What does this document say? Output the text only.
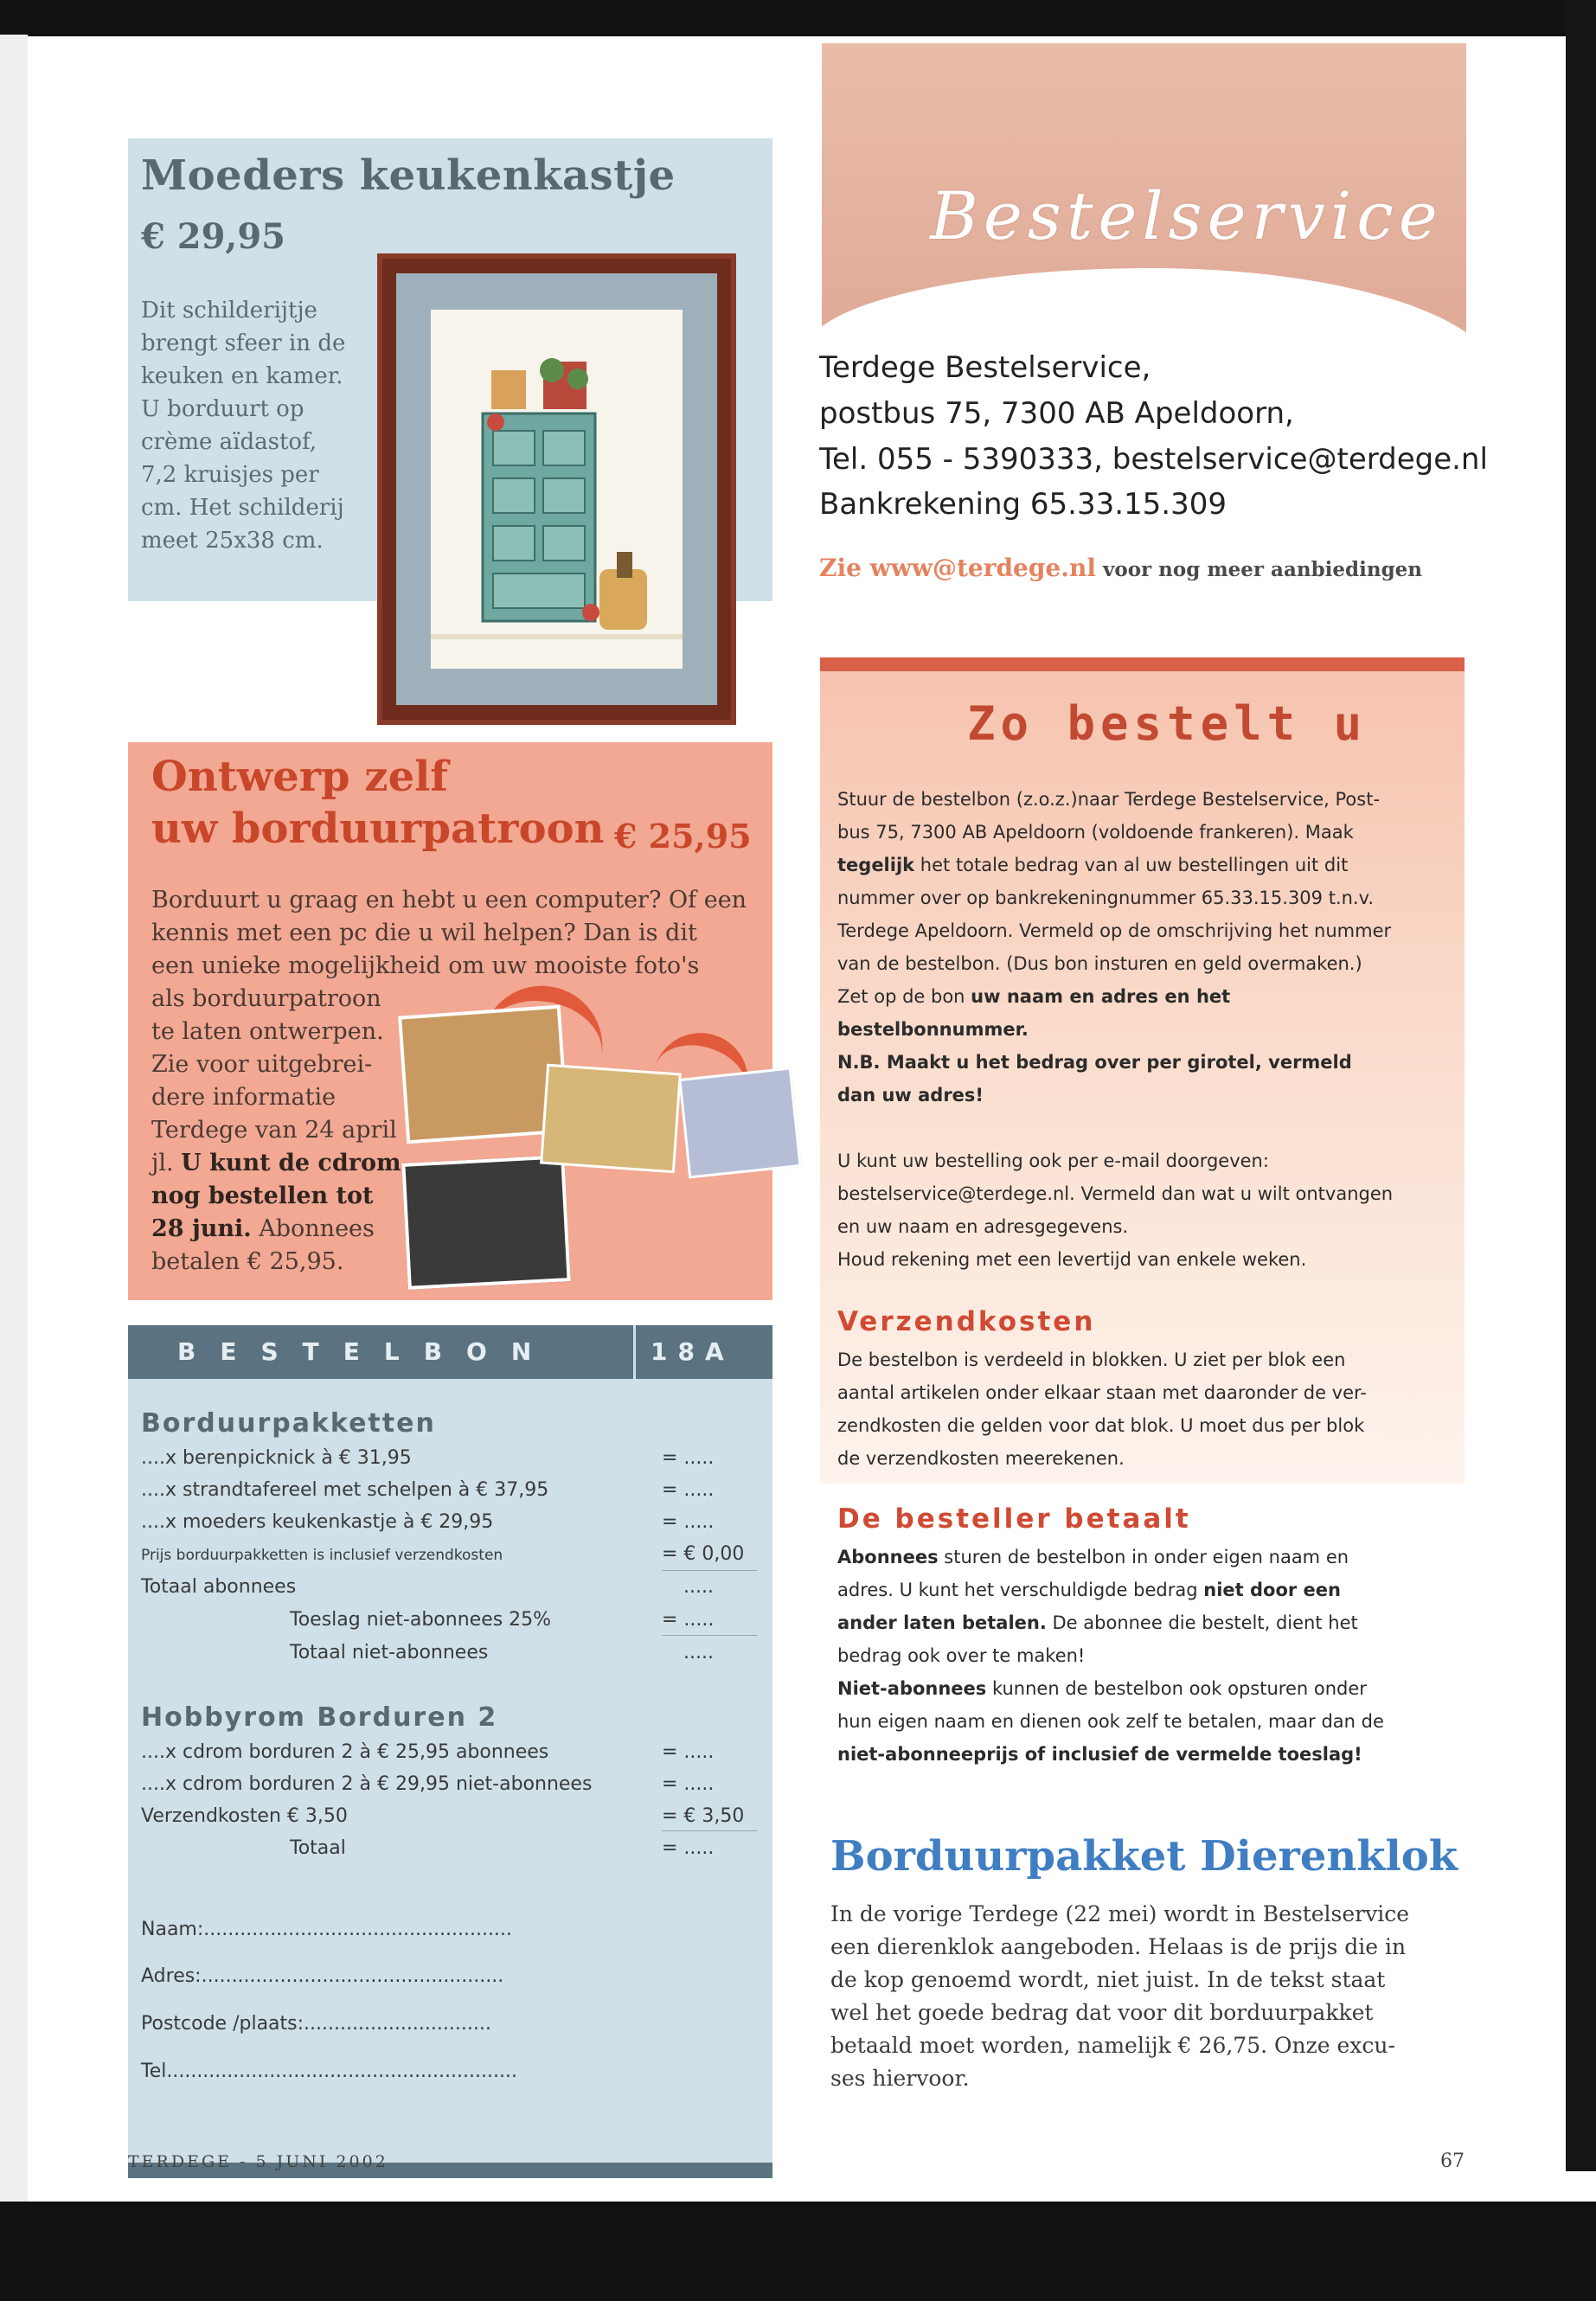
Moeders keukenkastje
€ 29,95
Dit schilderijtje
brengt sfeer in de
keuken en kamer.
U borduurt op
crème aïdastof,
7,2 kruisjes per
cm. Het schilderij
meet 25x38 cm.
Ontwerp zelf
uw borduurpatroon € 25,95
Borduurt u graag en hebt u een computer? Of een
kennis met een pc die u wil helpen? Dan is dit
een unieke mogelijkheid om uw mooiste foto's
als borduurpatroon
te laten ontwerpen.
Zie voor uitgebrei-
dere informatie
Terdege van 24 april
jl. U kunt de cdrom
nog bestellen tot
28 juni. Abonnees
betalen € 25,95.
BESTELBON	18A
Borduurpakketten
....x berenpicknick à € 31,95	= .....
....x strandtafereel met schelpen à € 37,95	= .....
....x moeders keukenkastje à € 29,95	= .....
Prijs borduurpakketten is inclusief verzendkosten	= € 0,00
Totaal abonnees	.....
Toeslag niet-abonnees 25%	= .....
Totaal niet-abonnees	.....
Hobbyrom Borduren 2
....x cdrom borduren 2 à € 25,95 abonnees	= .....
....x cdrom borduren 2 à € 29,95 niet-abonnees	= .....
Verzendkosten € 3,50	= € 3,50
Totaal	= .....
Naam:...................................................
Adres:..................................................
Postcode /plaats:...............................
Tel..........................................................
TERDEGE - 5 JUNI 2002	67
Bestelservice
Terdege Bestelservice,
postbus 75, 7300 AB Apeldoorn,
Tel. 055 - 5390333, bestelservice@terdege.nl
Bankrekening 65.33.15.309
Zie www@terdege.nl voor nog meer aanbiedingen
Zo bestelt u
Stuur de bestelbon (z.o.z.)naar Terdege Bestelservice, Post-
bus 75, 7300 AB Apeldoorn (voldoende frankeren). Maak
tegelijk het totale bedrag van al uw bestellingen uit dit
nummer over op bankrekeningnummer 65.33.15.309 t.n.v.
Terdege Apeldoorn. Vermeld op de omschrijving het nummer
van de bestelbon. (Dus bon insturen en geld overmaken.)
Zet op de bon uw naam en adres en het
bestelbonnummer.
N.B. Maakt u het bedrag over per girotel, vermeld
dan uw adres!
U kunt uw bestelling ook per e-mail doorgeven:
bestelservice@terdege.nl. Vermeld dan wat u wilt ontvangen
en uw naam en adresgegevens.
Houd rekening met een levertijd van enkele weken.
Verzendkosten
De bestelbon is verdeeld in blokken. U ziet per blok een
aantal artikelen onder elkaar staan met daaronder de ver-
zendkosten die gelden voor dat blok. U moet dus per blok
de verzendkosten meerekenen.
De besteller betaalt
Abonnees sturen de bestelbon in onder eigen naam en
adres. U kunt het verschuldigde bedrag niet door een
ander laten betalen. De abonnee die bestelt, dient het
bedrag ook over te maken!
Niet-abonnees kunnen de bestelbon ook opsturen onder
hun eigen naam en dienen ook zelf te betalen, maar dan de
niet-abonneeprijs of inclusief de vermelde toeslag!
Borduurpakket Dierenklok
In de vorige Terdege (22 mei) wordt in Bestelservice
een dierenklok aangeboden. Helaas is de prijs die in
de kop genoemd wordt, niet juist. In de tekst staat
wel het goede bedrag dat voor dit borduurpakket
betaald moet worden, namelijk € 26,75. Onze excu-
ses hiervoor.
